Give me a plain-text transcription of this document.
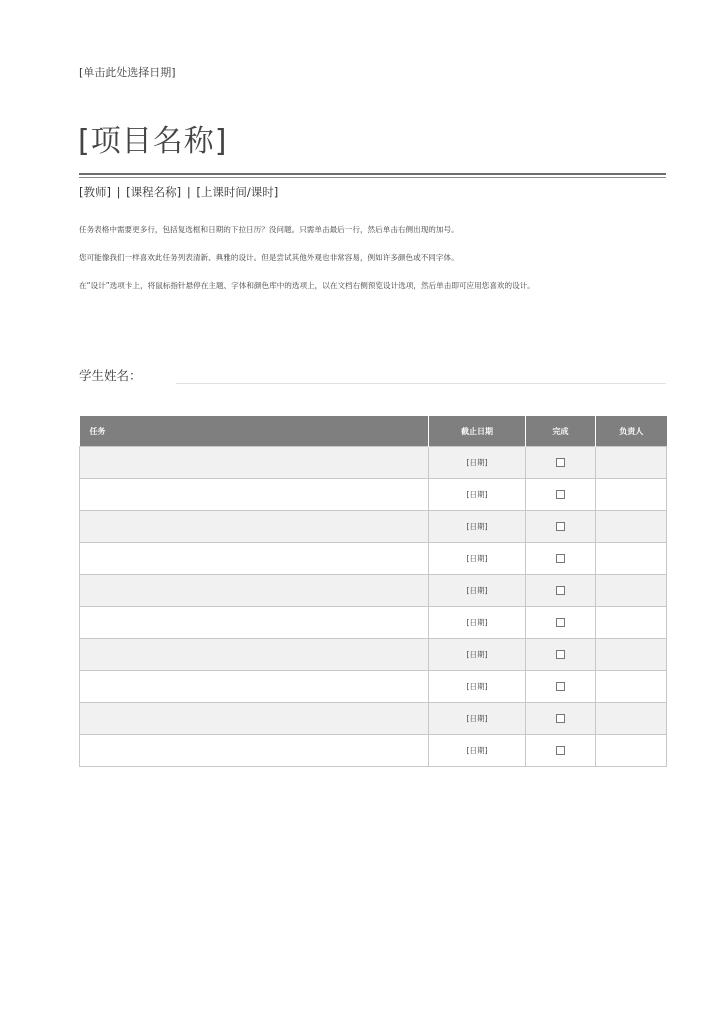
[单击此处选择日期]
[项目名称]
[教师] | [课程名称] | [上课时间/课时]

任务表格中需要更多行，包括复选框和日期的下拉日历？没问题。只需单击最后一行，然后单击右侧出现的加号。

您可能像我们一样喜欢此任务列表清新、典雅的设计。但是尝试其他外观也非常容易，例如许多颜色或不同字体。

在“设计”选项卡上，将鼠标指针悬停在主题、字体和颜色库中的选项上，以在文档右侧预览设计选项，然后单击即可应用您喜欢的设计。

学生姓名：
任务	截止日期	完成	负责人
	[日期]		
	[日期]		
	[日期]		
	[日期]		
	[日期]		
	[日期]		
	[日期]		
	[日期]		
	[日期]		
	[日期]		
